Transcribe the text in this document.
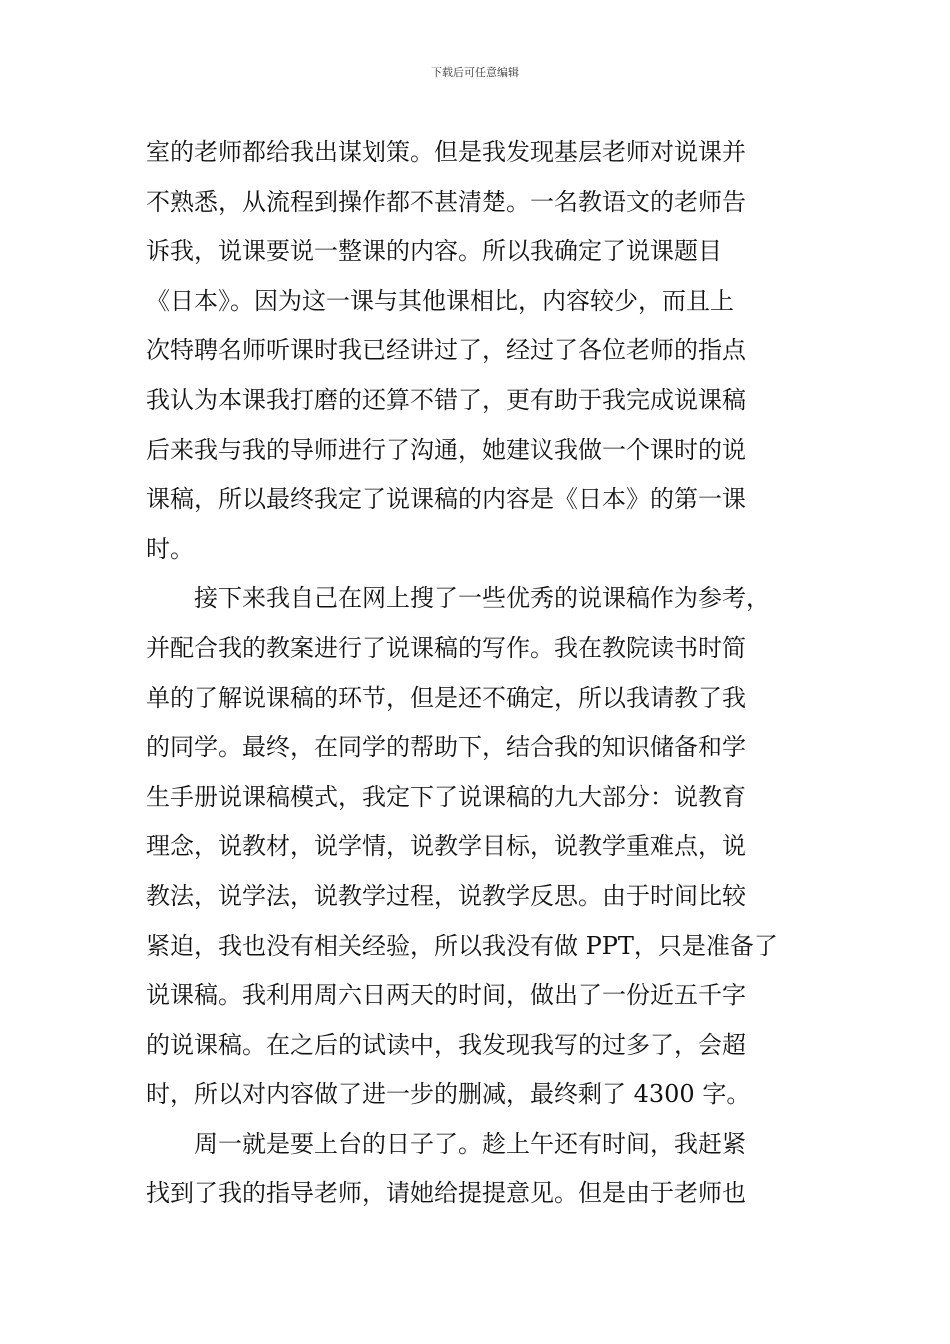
下载后可任意编辑
室的老师都给我出谋划策。但是我发现基层老师对说课并
不熟悉，从流程到操作都不甚清楚。一名教语文的老师告
诉我，说课要说一整课的内容。所以我确定了说课题目
《日本》。因为这一课与其他课相比，内容较少，而且上
次特聘名师听课时我已经讲过了，经过了各位老师的指点
我认为本课我打磨的还算不错了，更有助于我完成说课稿
后来我与我的导师进行了沟通，她建议我做一个课时的说
课稿，所以最终我定了说课稿的内容是《日本》的第一课
时。
接下来我自己在网上搜了一些优秀的说课稿作为参考，
并配合我的教案进行了说课稿的写作。我在教院读书时简
单的了解说课稿的环节，但是还不确定，所以我请教了我
的同学。最终，在同学的帮助下，结合我的知识储备和学
生手册说课稿模式，我定下了说课稿的九大部分：说教育
理念，说教材，说学情，说教学目标，说教学重难点，说
教法，说学法，说教学过程，说教学反思。由于时间比较
紧迫，我也没有相关经验，所以我没有做 PPT，只是准备了
说课稿。我利用周六日两天的时间，做出了一份近五千字
的说课稿。在之后的试读中，我发现我写的过多了，会超
时，所以对内容做了进一步的删减，最终剩了 4300 字。
周一就是要上台的日子了。趁上午还有时间，我赶紧
找到了我的指导老师，请她给提提意见。但是由于老师也
